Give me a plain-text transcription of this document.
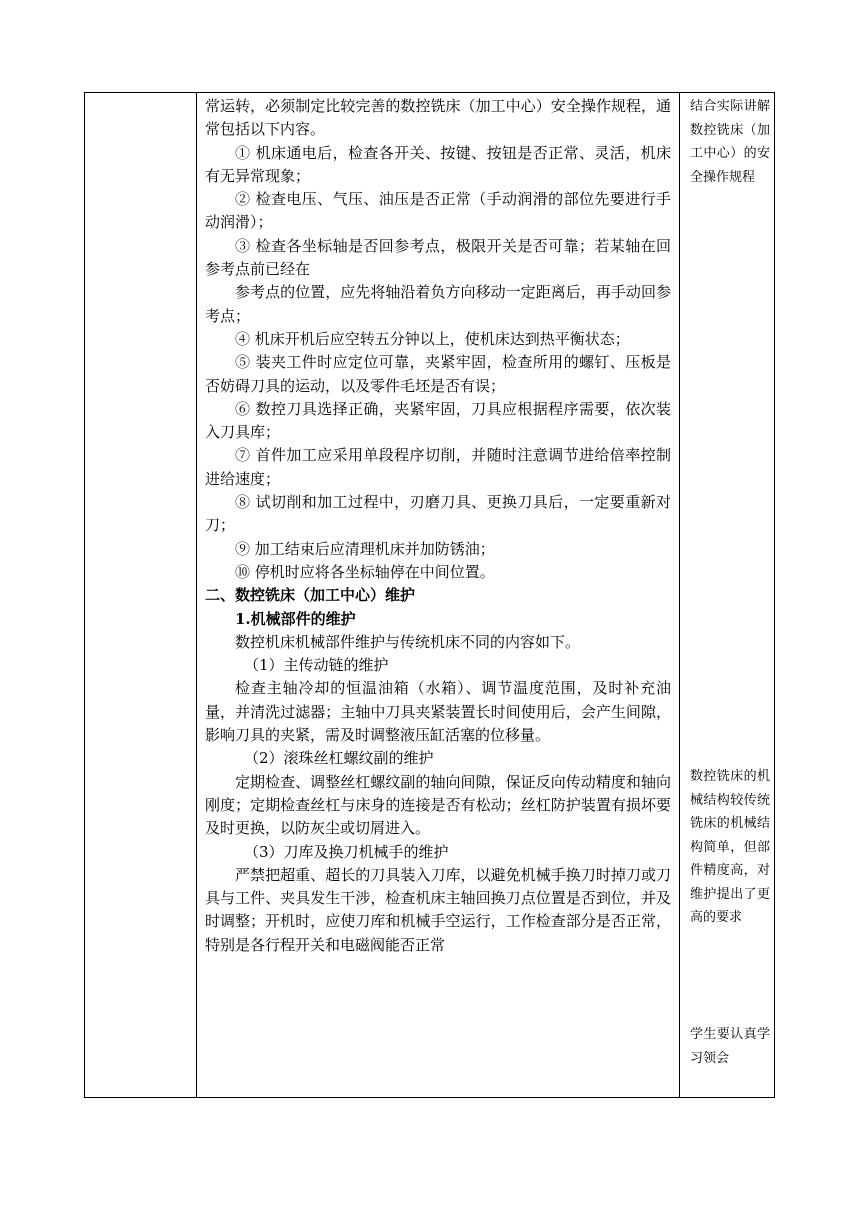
常运转，必须制定比较完善的数控铣床（加工中心）安全操作规程，通常包括以下内容。

① 机床通电后，检查各开关、按键、按钮是否正常、灵活，机床有无异常现象；

② 检查电压、气压、油压是否正常（手动润滑的部位先要进行手动润滑）；

③ 检查各坐标轴是否回参考点，极限开关是否可靠；若某轴在回参考点前已经在

参考点的位置，应先将轴沿着负方向移动一定距离后，再手动回参考点；

④ 机床开机后应空转五分钟以上，使机床达到热平衡状态；

⑤ 装夹工件时应定位可靠，夹紧牢固，检查所用的螺钉、压板是否妨碍刀具的运动，以及零件毛坯是否有误；

⑥ 数控刀具选择正确，夹紧牢固，刀具应根据程序需要，依次装入刀具库；

⑦ 首件加工应采用单段程序切削，并随时注意调节进给倍率控制进给速度；

⑧ 试切削和加工过程中，刃磨刀具、更换刀具后，一定要重新对刀；

⑨ 加工结束后应清理机床并加防锈油；

⑩ 停机时应将各坐标轴停在中间位置。

二、数控铣床（加工中心）维护

1.机械部件的维护

数控机床机械部件维护与传统机床不同的内容如下。

（1）主传动链的维护

检查主轴冷却的恒温油箱（水箱）、调节温度范围，及时补充油量，并清洗过滤器；主轴中刀具夹紧装置长时间使用后，会产生间隙，影响刀具的夹紧，需及时调整液压缸活塞的位移量。

（2）滚珠丝杠螺纹副的维护

定期检查、调整丝杠螺纹副的轴向间隙，保证反向传动精度和轴向刚度；定期检查丝杠与床身的连接是否有松动；丝杠防护装置有损坏要及时更换，以防灰尘或切屑进入。

（3）刀库及换刀机械手的维护

严禁把超重、超长的刀具装入刀库，以避免机械手换刀时掉刀或刀具与工件、夹具发生干涉，检查机床主轴回换刀点位置是否到位，并及时调整；开机时，应使刀库和机械手空运行，工作检查部分是否正常，特别是各行程开关和电磁阀能否正常

结合实际讲解数控铣床（加工中心）的安全操作规程

数控铣床的机械结构较传统铣床的机械结构简单，但部件精度高，对维护提出了更高的要求

学生要认真学习领会
